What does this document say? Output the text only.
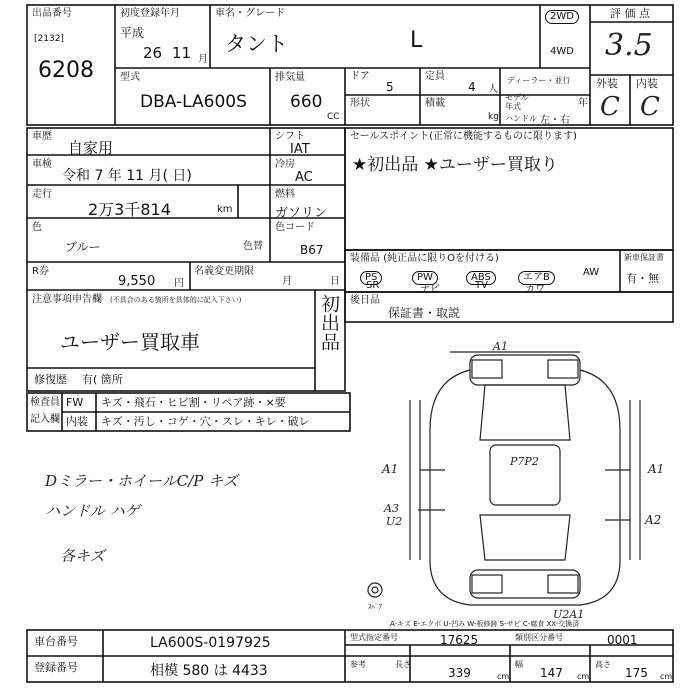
出品番号
[2132]
6208
初度登録年月
平成
26 11 月
車名・グレード
タント	L
2WD
4WD
評 価 点
3.5
外装 内装
C C
型式
DBA-LA600S
排気量
660
CC
ドア
5
定員
4 人
形状	積載
kg
ディーラー・並行
モデル 年式	年
ハンドル 左・右
車歴
自家用
車検
令和 7 年 11 月( 日)
走行
2万3千814	km
色
ブルー	色替
色コード
B67
R券
9,550 円
名義変更期限
月	日
シフト
IAT
冷房
AC
燃料
ガソリン
注意事項申告欄 (不具合のある箇所を具体的に記入下さい)
ユーザー買取車	初出品
修復歴 有( 箇所
セールスポイント(正常に機能するものに限ります)
★初出品 ★ユーザー買取り
装備品 (純正品に限りOを付ける)
PS	PW	ABS	エアB	AW
SR	ナビ	TV	カワ
新車保証書
有・無
後日品
保証書・取説
検査員
記入欄
FW キズ・飛石・ヒビ割・リペア跡・×要
内装 キズ・汚し・コゲ・穴・スレ・キレ・破レ
Dミラー・ホイールC/P キズ
ハンドル ハゲ
各キズ
A1
A1	A1
A3
U2	A2
U2A1
ｽﾍﾟｱ
P7P2
車台番号	LA600S-0197925
登録番号	相模 580 は 4433
A-キズ E-エクボ U-凹み W-板修跡 S-サビ C-腐食 XX-交換済
型式指定番号	17625	類別区分番号	0001
参考	長さ
339	cm
幅
147 cm
高さ
175 cm
